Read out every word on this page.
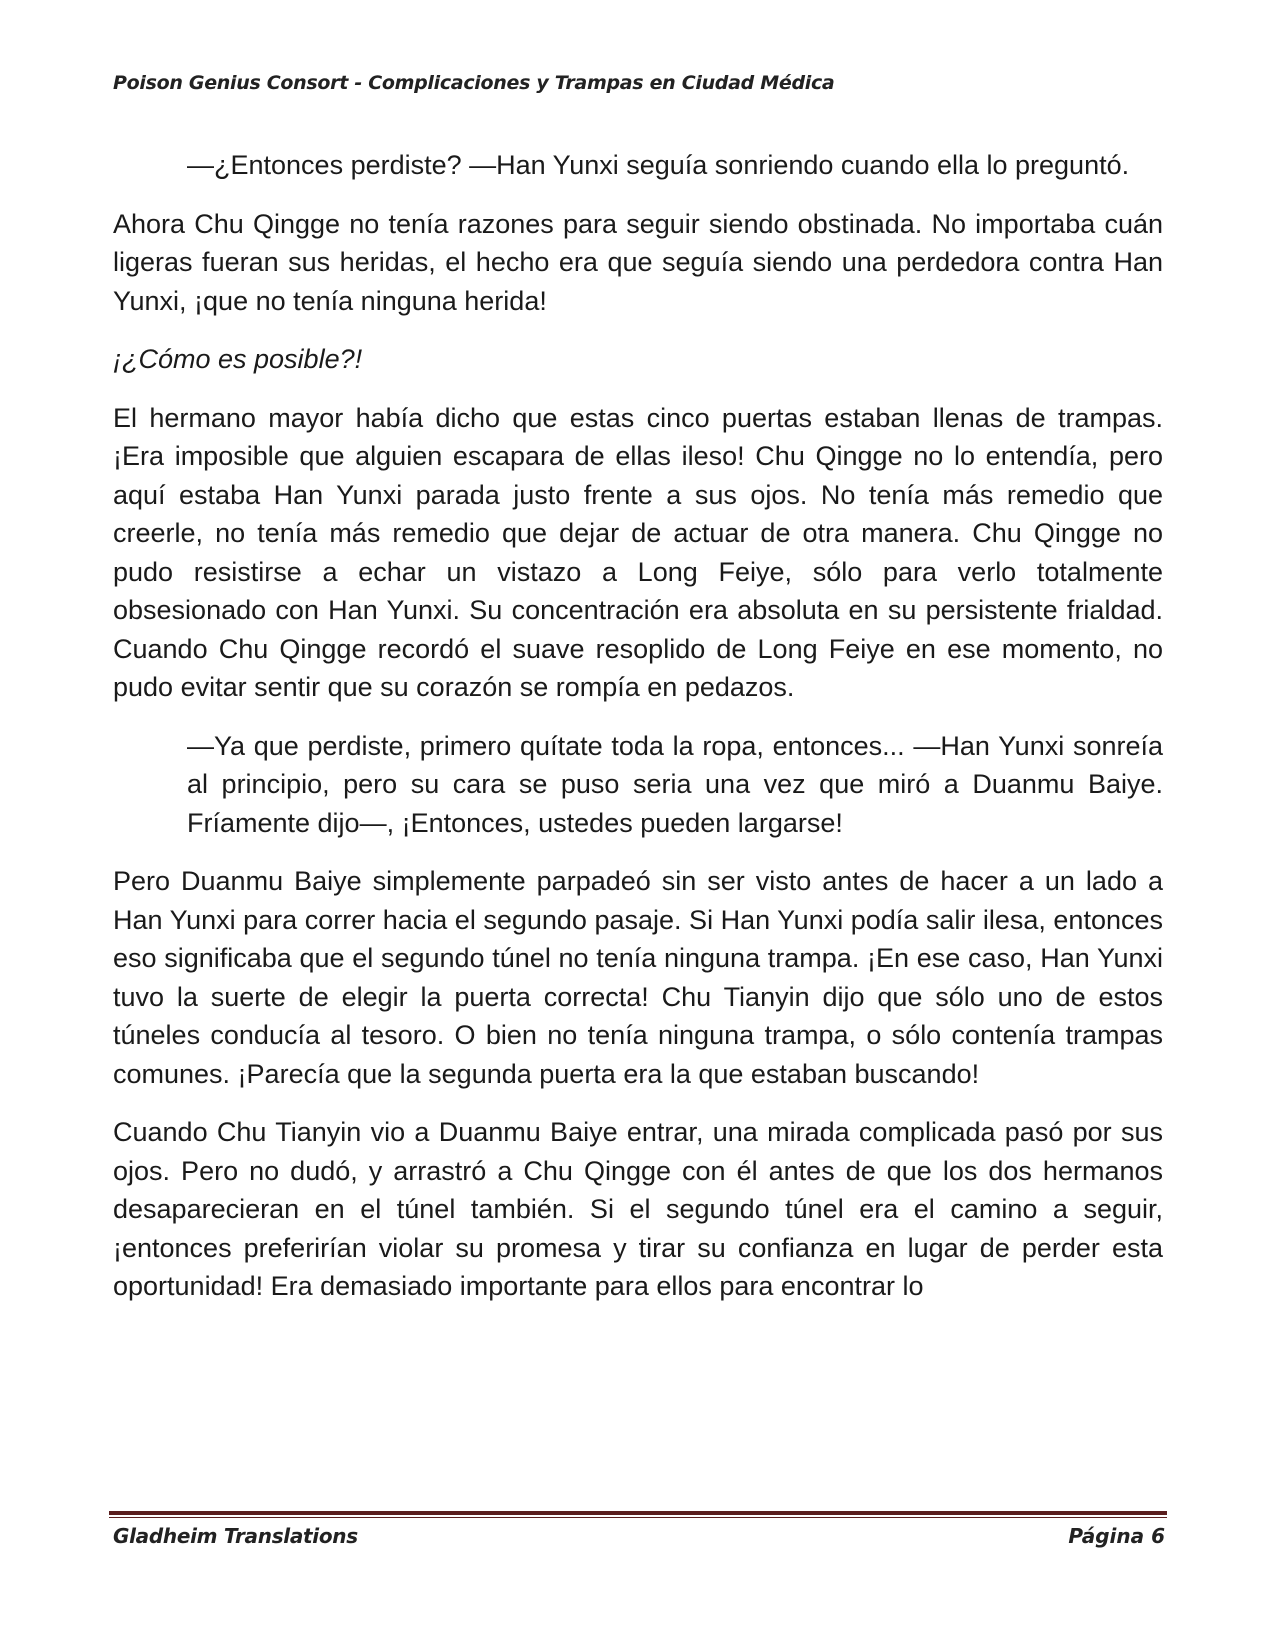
Poison Genius Consort - Complicaciones y Trampas en Ciudad Médica

—¿Entonces perdiste? —Han Yunxi seguía sonriendo cuando ella lo preguntó.

Ahora Chu Qingge no tenía razones para seguir siendo obstinada. No importaba cuán ligeras fueran sus heridas, el hecho era que seguía siendo una perdedora contra Han Yunxi, ¡que no tenía ninguna herida!

¡¿Cómo es posible?!

El hermano mayor había dicho que estas cinco puertas estaban llenas de trampas. ¡Era imposible que alguien escapara de ellas ileso! Chu Qingge no lo entendía, pero aquí estaba Han Yunxi parada justo frente a sus ojos. No tenía más remedio que creerle, no tenía más remedio que dejar de actuar de otra manera. Chu Qingge no pudo resistirse a echar un vistazo a Long Feiye, sólo para verlo totalmente obsesionado con Han Yunxi. Su concentración era absoluta en su persistente frialdad. Cuando Chu Qingge recordó el suave resoplido de Long Feiye en ese momento, no pudo evitar sentir que su corazón se rompía en pedazos.

—Ya que perdiste, primero quítate toda la ropa, entonces... —Han Yunxi sonreía al principio, pero su cara se puso seria una vez que miró a Duanmu Baiye. Fríamente dijo—, ¡Entonces, ustedes pueden largarse!

Pero Duanmu Baiye simplemente parpadeó sin ser visto antes de hacer a un lado a Han Yunxi para correr hacia el segundo pasaje. Si Han Yunxi podía salir ilesa, entonces eso significaba que el segundo túnel no tenía ninguna trampa. ¡En ese caso, Han Yunxi tuvo la suerte de elegir la puerta correcta! Chu Tianyin dijo que sólo uno de estos túneles conducía al tesoro. O bien no tenía ninguna trampa, o sólo contenía trampas comunes. ¡Parecía que la segunda puerta era la que estaban buscando!

Cuando Chu Tianyin vio a Duanmu Baiye entrar, una mirada complicada pasó por sus ojos. Pero no dudó, y arrastró a Chu Qingge con él antes de que los dos hermanos desaparecieran en el túnel también. Si el segundo túnel era el camino a seguir, ¡entonces preferirían violar su promesa y tirar su confianza en lugar de perder esta oportunidad! Era demasiado importante para ellos para encontrar lo

Gladheim Translations	Página 6
